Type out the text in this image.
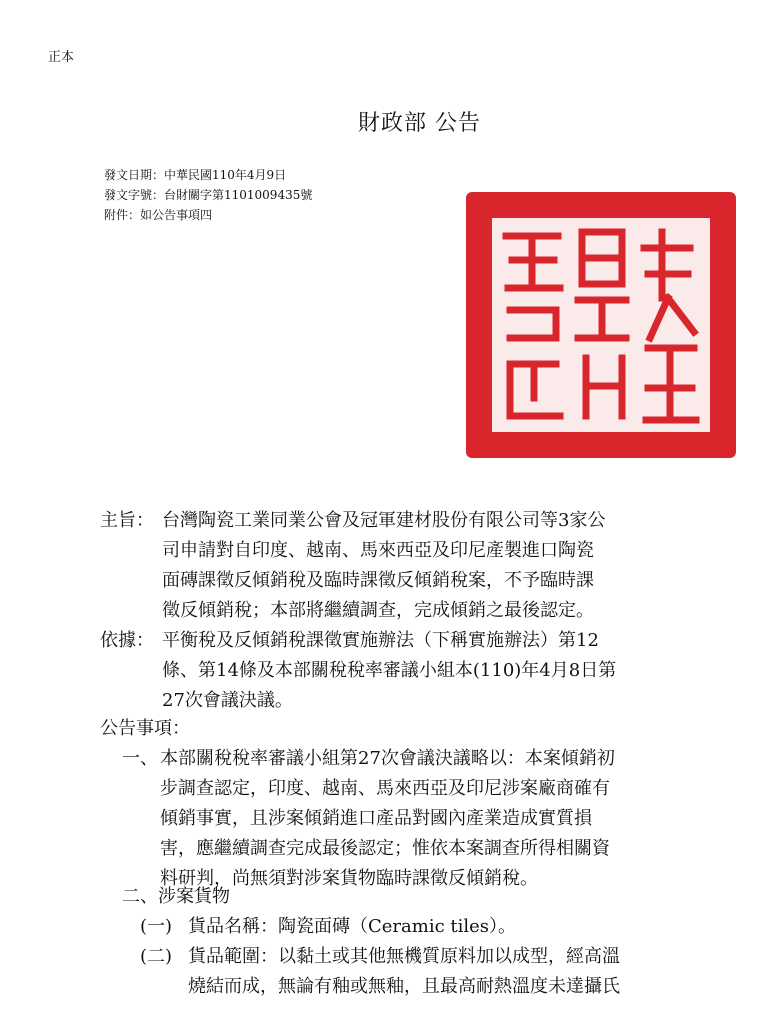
正本
財政部 公告
發文日期：中華民國110年4月9日
發文字號：台財關字第1101009435號
附件：如公告事項四
主旨： 台灣陶瓷工業同業公會及冠軍建材股份有限公司等3家公
司申請對自印度、越南、馬來西亞及印尼產製進口陶瓷
面磚課徵反傾銷稅及臨時課徵反傾銷稅案，不予臨時課
徵反傾銷稅；本部將繼續調查，完成傾銷之最後認定。
依據： 平衡稅及反傾銷稅課徵實施辦法（下稱實施辦法）第12
條、第14條及本部關稅稅率審議小組本(110)年4月8日第
27次會議決議。
公告事項：
一、 本部關稅稅率審議小組第27次會議決議略以：本案傾銷初
步調查認定，印度、越南、馬來西亞及印尼涉案廠商確有
傾銷事實，且涉案傾銷進口產品對國內產業造成實質損
害，應繼續調查完成最後認定；惟依本案調查所得相關資
料研判，尚無須對涉案貨物臨時課徵反傾銷稅。
二、涉案貨物
(一) 貨品名稱：陶瓷面磚（Ceramic tiles）。
(二) 貨品範圍：以黏土或其他無機質原料加以成型，經高溫
燒結而成，無論有釉或無釉，且最高耐熱溫度未達攝氏
